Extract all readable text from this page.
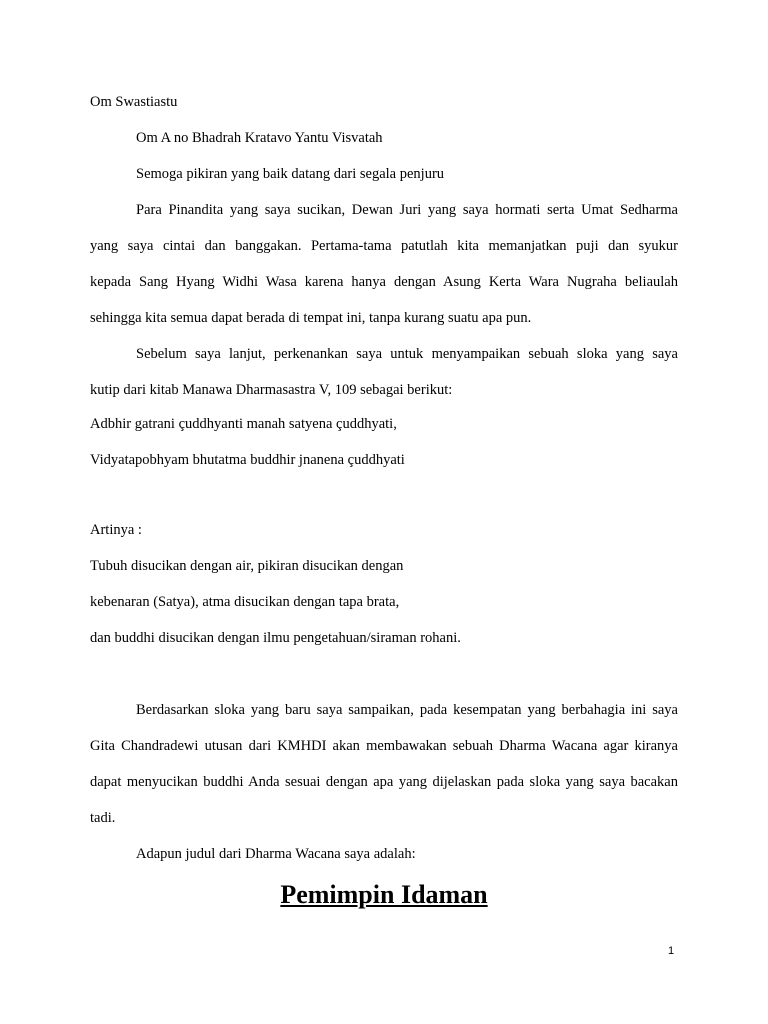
Om Swastiastu
Om A no Bhadrah Kratavo Yantu Visvatah
Semoga pikiran yang baik datang dari segala penjuru
Para Pinandita yang saya sucikan, Dewan Juri yang saya hormati serta Umat Sedharma
yang saya cintai dan banggakan. Pertama-tama patutlah kita memanjatkan puji dan syukur
kepada Sang Hyang Widhi Wasa karena hanya dengan Asung Kerta Wara Nugraha beliaulah
sehingga kita semua dapat berada di tempat ini, tanpa kurang suatu apa pun.
Sebelum saya lanjut, perkenankan saya untuk menyampaikan sebuah sloka yang saya
kutip dari kitab Manawa Dharmasastra V, 109 sebagai berikut:
Adbhir gatrani çuddhyanti manah satyena çuddhyati,
Vidyatapobhyam bhutatma buddhir jnanena çuddhyati
Artinya :
Tubuh disucikan dengan air, pikiran disucikan dengan
kebenaran (Satya), atma disucikan dengan tapa brata,
dan buddhi disucikan dengan ilmu pengetahuan/siraman rohani.
Berdasarkan sloka yang baru saya sampaikan, pada kesempatan yang berbahagia ini saya
Gita Chandradewi utusan dari KMHDI akan membawakan sebuah Dharma Wacana agar kiranya
dapat menyucikan buddhi Anda sesuai dengan apa yang dijelaskan pada sloka yang saya bacakan
tadi.
Adapun judul dari Dharma Wacana saya adalah:
Pemimpin Idaman
1
